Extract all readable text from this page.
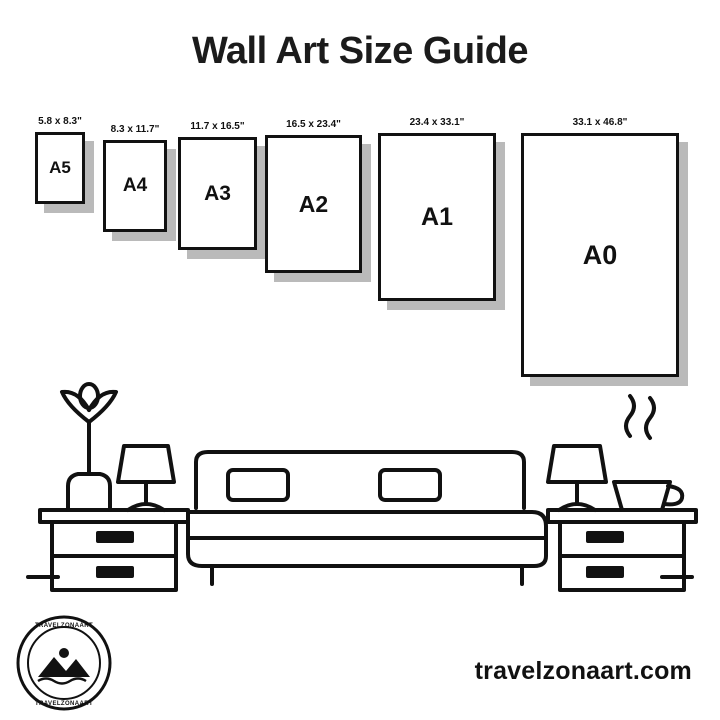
Wall Art Size Guide
5.8 x 8.3"
A5
8.3 x 11.7"
A4
11.7 x 16.5"
A3
16.5 x 23.4"
A2
23.4 x 33.1"
A1
33.1 x 46.8"
A0
TRAVELZONAART
TRAVELZONAART
travelzonaart.com
